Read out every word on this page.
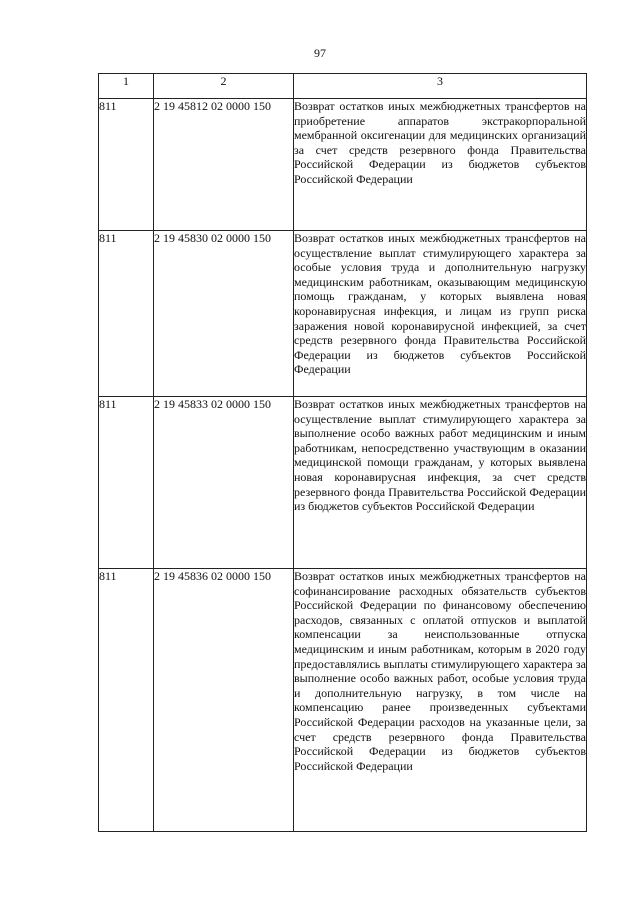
97
1	2	3
811	2 19 45812 02 0000 150	Возврат остатков иных межбюджетных трансфертов на приобретение аппаратов экстракорпоральной мембранной оксигенации для медицинских организаций за счет средств резервного фонда Правительства Российской Федерации из бюджетов субъектов Российской Федерации
811	2 19 45830 02 0000 150	Возврат остатков иных межбюджетных трансфертов на осуществление выплат стимулирующего характера за особые условия труда и дополнительную нагрузку медицинским работникам, оказывающим медицинскую помощь гражданам, у которых выявлена новая коронавирусная инфекция, и лицам из групп риска заражения новой коронавирусной инфекцией, за счет средств резервного фонда Правительства Российской Федерации из бюджетов субъектов Российской Федерации
811	2 19 45833 02 0000 150	Возврат остатков иных межбюджетных трансфертов на осуществление выплат стимулирующего характера за выполнение особо важных работ медицинским и иным работникам, непосредственно участвующим в оказании медицинской помощи гражданам, у которых выявлена новая коронавирусная инфекция, за счет средств резервного фонда Правительства Российской Федерации из бюджетов субъектов Российской Федерации
811	2 19 45836 02 0000 150	Возврат остатков иных межбюджетных трансфертов на софинансирование расходных обязательств субъектов Российской Федерации по финансовому обеспечению расходов, связанных с оплатой отпусков и выплатой компенсации за неиспользованные отпуска медицинским и иным работникам, которым в 2020 году предоставлялись выплаты стимулирующего характера за выполнение особо важных работ, особые условия труда и дополнительную нагрузку, в том числе на компенсацию ранее произведенных субъектами Российской Федерации расходов на указанные цели, за счет средств резервного фонда Правительства Российской Федерации из бюджетов субъектов Российской Федерации
